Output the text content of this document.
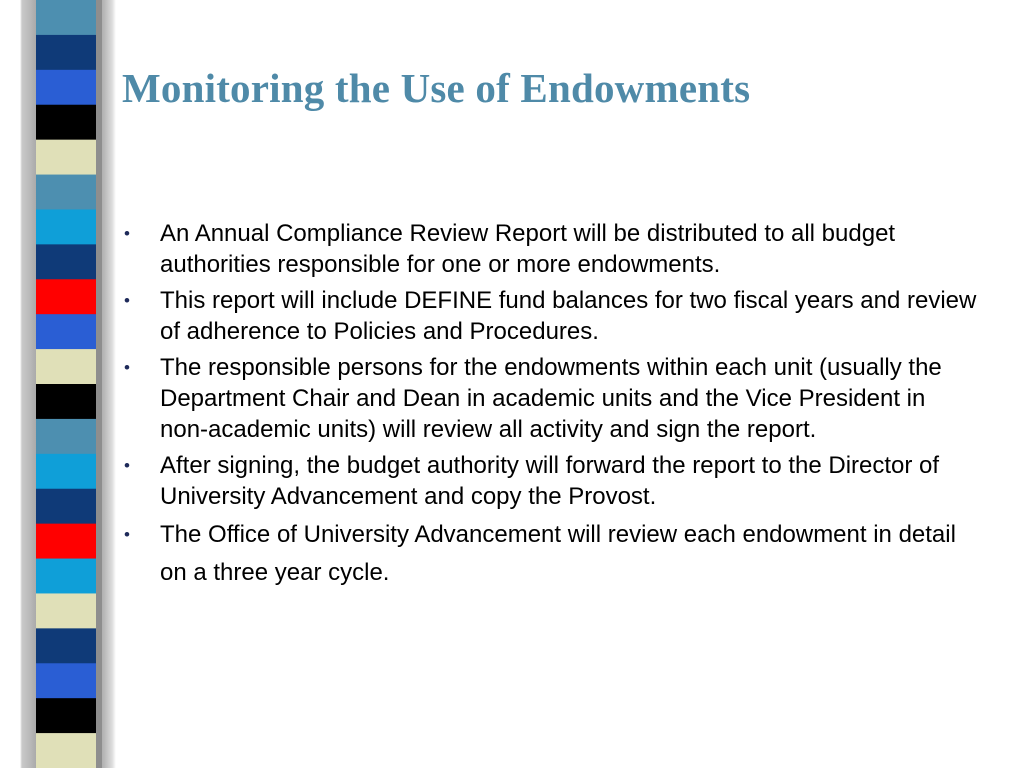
Monitoring the Use of Endowments
• An Annual Compliance Review Report will be distributed to all budget authorities responsible for one or more endowments.
• This report will include DEFINE fund balances for two fiscal years and review of adherence to Policies and Procedures.
• The responsible persons for the endowments within each unit (usually the Department Chair and Dean in academic units and the Vice President in non-academic units) will review all activity and sign the report.
• After signing, the budget authority will forward the report to the Director of University Advancement and copy the Provost.
• The Office of University Advancement will review each endowment in detail on a three year cycle.
